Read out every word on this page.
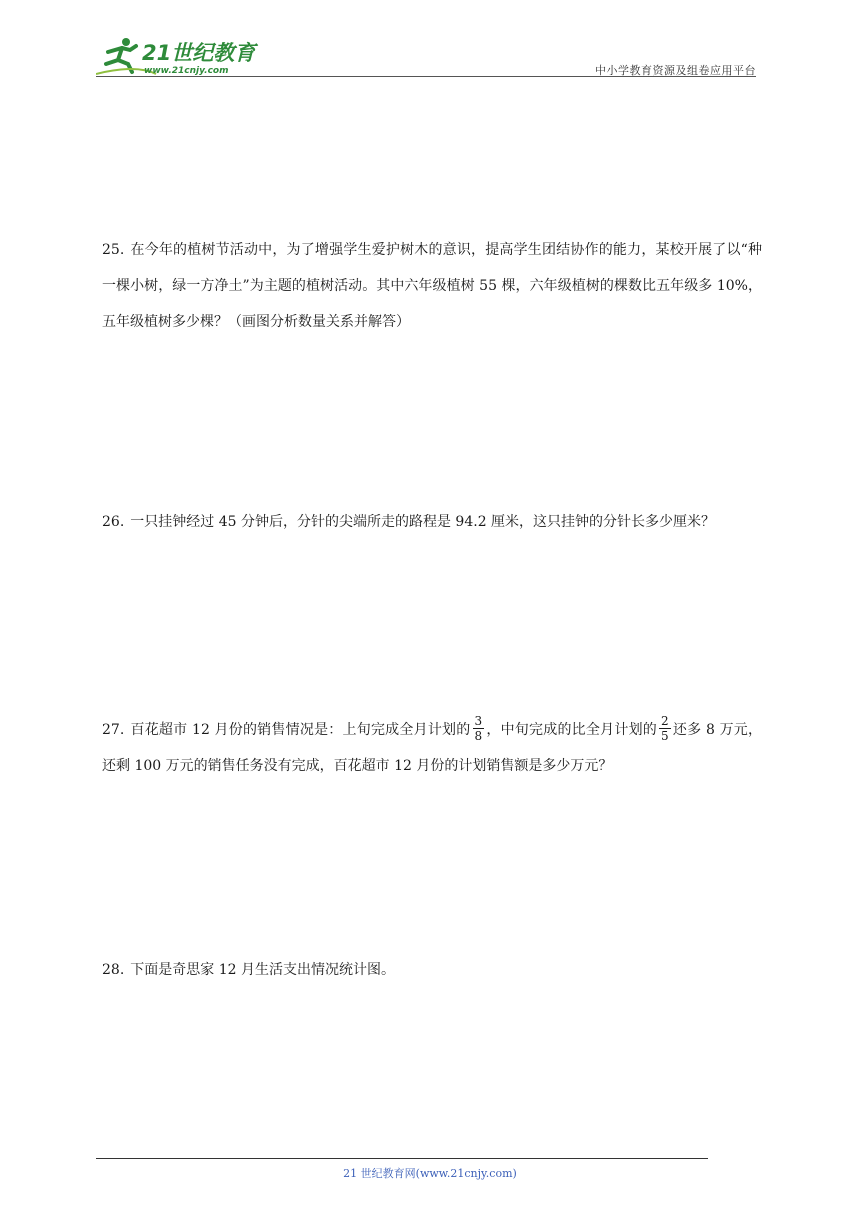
21世纪教育
www.21cnjy.com	中小学教育资源及组卷应用平台
25. 在今年的植树节活动中，为了增强学生爱护树木的意识，提高学生团结协作的能力，某校开展了以“种一棵小树，绿一方净土”为主题的植树活动。其中六年级植树 55 棵，六年级植树的棵数比五年级多 10%，五年级植树多少棵？（画图分析数量关系并解答）
26. 一只挂钟经过 45 分钟后，分针的尖端所走的路程是 94.2 厘米，这只挂钟的分针长多少厘米？
27. 百花超市 12 月份的销售情况是：上旬完成全月计划的 $\frac{3}{8}$ ，中旬完成的比全月计划的 $\frac{2}{5}$ 还多 8 万元，还剩 100 万元的销售任务没有完成，百花超市 12 月份的计划销售额是多少万元？
28. 下面是奇思家 12 月生活支出情况统计图。
21 世纪教育网(www.21cnjy.com)
